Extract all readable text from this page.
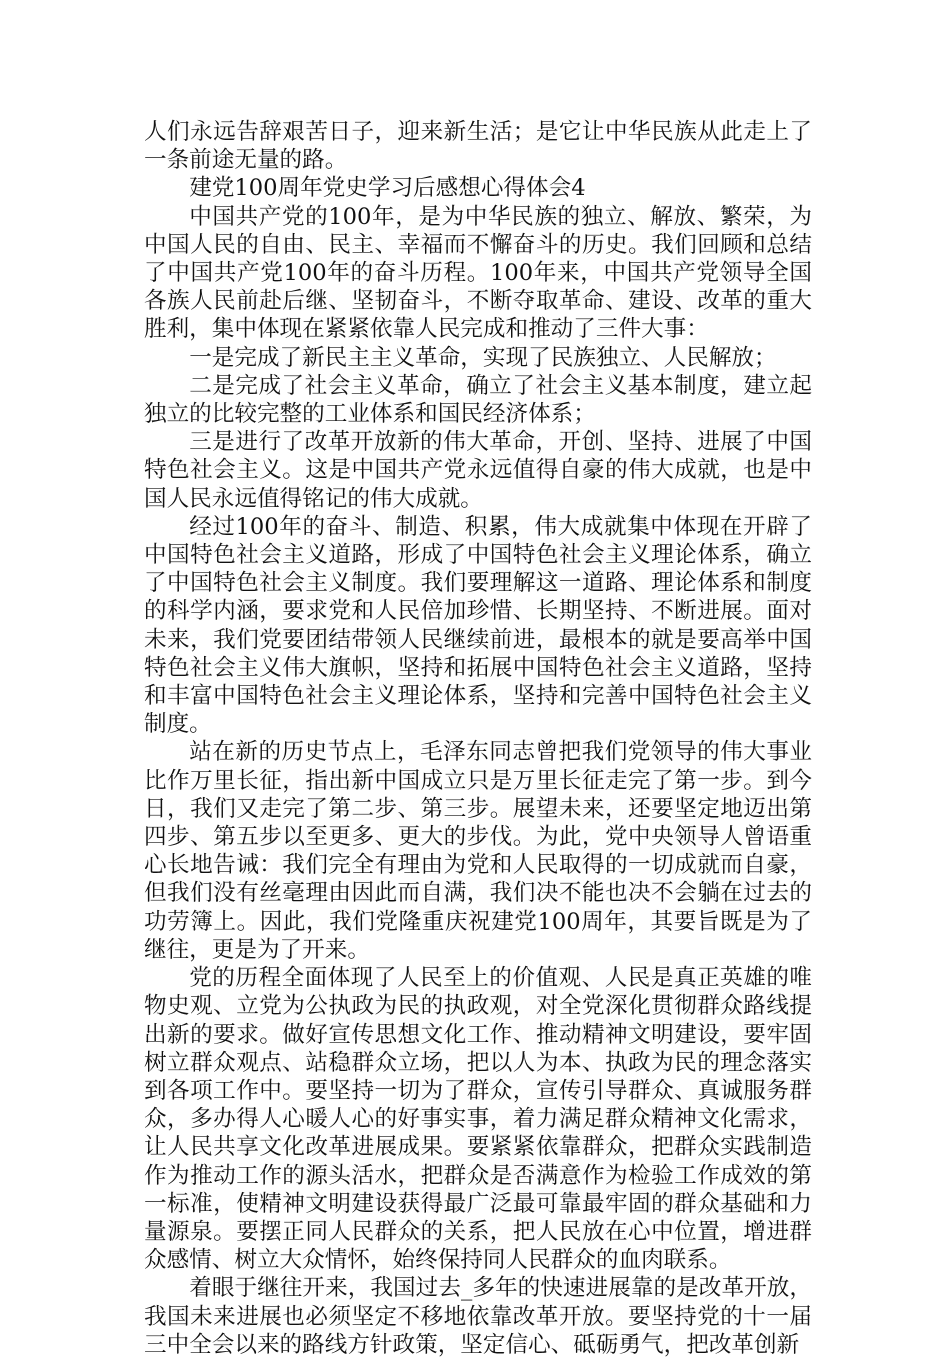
人们永远告辞艰苦日子，迎来新生活；是它让中华民族从此走上了一条前途无量的路。

建党100周年党史学习后感想心得体会4

中国共产党的100年，是为中华民族的独立、解放、繁荣，为中国人民的自由、民主、幸福而不懈奋斗的历史。我们回顾和总结了中国共产党100年的奋斗历程。100年来，中国共产党领导全国各族人民前赴后继、坚韧奋斗，不断夺取革命、建设、改革的重大胜利，集中体现在紧紧依靠人民完成和推动了三件大事：

一是完成了新民主主义革命，实现了民族独立、人民解放；

二是完成了社会主义革命，确立了社会主义基本制度，建立起独立的比较完整的工业体系和国民经济体系；

三是进行了改革开放新的伟大革命，开创、坚持、进展了中国特色社会主义。这是中国共产党永远值得自豪的伟大成就，也是中国人民永远值得铭记的伟大成就。

经过100年的奋斗、制造、积累，伟大成就集中体现在开辟了中国特色社会主义道路，形成了中国特色社会主义理论体系，确立了中国特色社会主义制度。我们要理解这一道路、理论体系和制度的科学内涵，要求党和人民倍加珍惜、长期坚持、不断进展。面对未来，我们党要团结带领人民继续前进，最根本的就是要高举中国特色社会主义伟大旗帜，坚持和拓展中国特色社会主义道路，坚持和丰富中国特色社会主义理论体系，坚持和完善中国特色社会主义制度。

站在新的历史节点上，毛泽东同志曾把我们党领导的伟大事业比作万里长征，指出新中国成立只是万里长征走完了第一步。到今日，我们又走完了第二步、第三步。展望未来，还要坚定地迈出第四步、第五步以至更多、更大的步伐。为此，党中央领导人曾语重心长地告诫：我们完全有理由为党和人民取得的一切成就而自豪，但我们没有丝毫理由因此而自满，我们决不能也决不会躺在过去的功劳簿上。因此，我们党隆重庆祝建党100周年，其要旨既是为了继往，更是为了开来。

党的历程全面体现了人民至上的价值观、人民是真正英雄的唯物史观、立党为公执政为民的执政观，对全党深化贯彻群众路线提出新的要求。做好宣传思想文化工作、推动精神文明建设，要牢固树立群众观点、站稳群众立场，把以人为本、执政为民的理念落实到各项工作中。要坚持一切为了群众，宣传引导群众、真诚服务群众，多办得人心暖人心的好事实事，着力满足群众精神文化需求，让人民共享文化改革进展成果。要紧紧依靠群众，把群众实践制造作为推动工作的源头活水，把群众是否满意作为检验工作成效的第一标准，使精神文明建设获得最广泛最可靠最牢固的群众基础和力量源泉。要摆正同人民群众的关系，把人民放在心中位置，增进群众感情、树立大众情怀，始终保持同人民群众的血肉联系。

着眼于继往开来，我国过去_多年的快速进展靠的是改革开放，我国未来进展也必须坚定不移地依靠改革开放。要坚持党的十一届三中全会以来的路线方针政策，坚定信心、砥砺勇气，把改革创新
